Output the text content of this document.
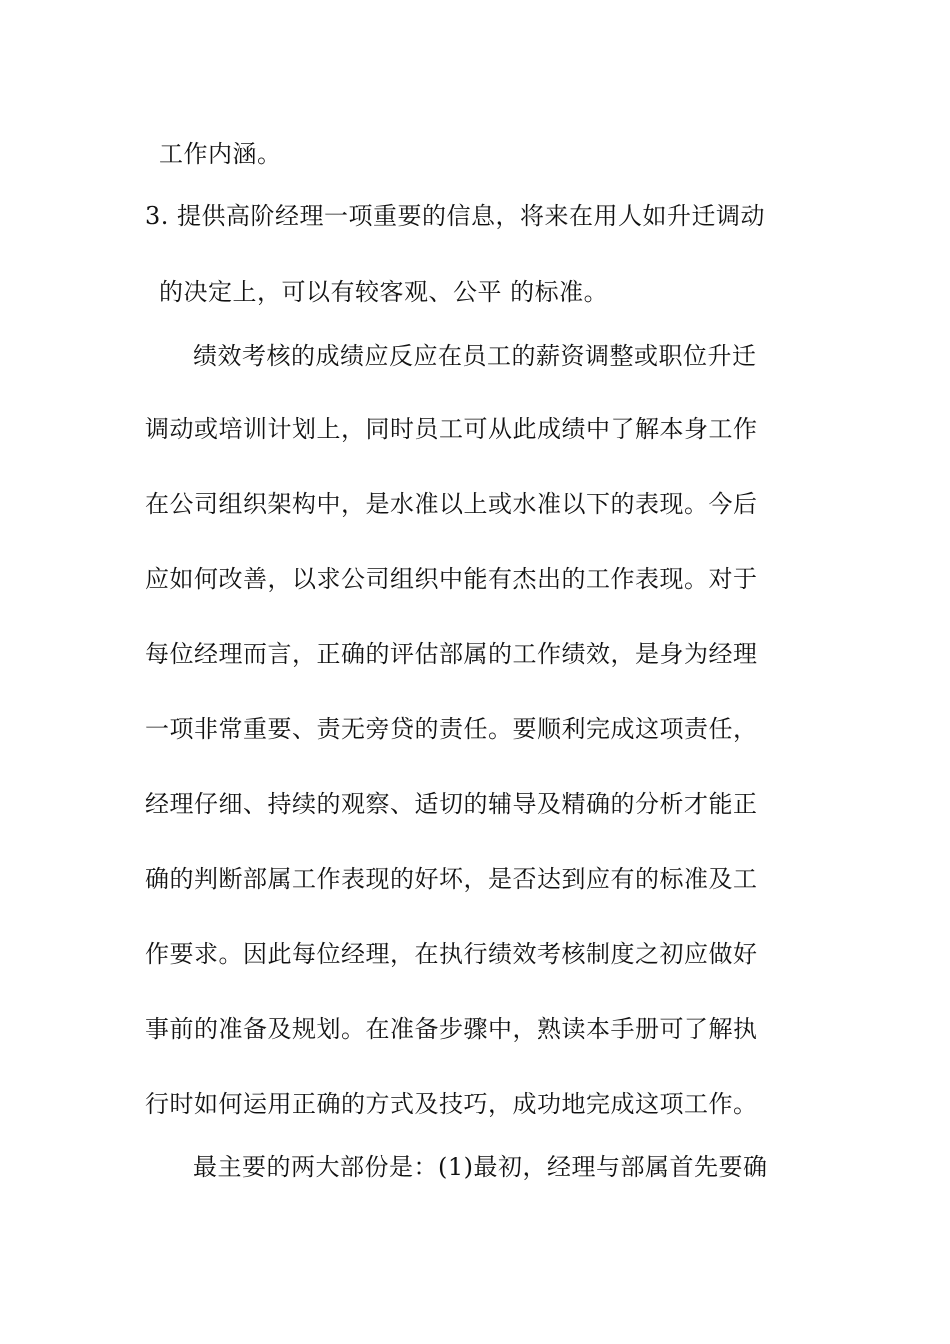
工作内涵。
3. 提供高阶经理一项重要的信息，将来在用人如升迁调动
的决定上，可以有较客观、公平 的标准。
绩效考核的成绩应反应在员工的薪资调整或职位升迁
调动或培训计划上，同时员工可从此成绩中了解本身工作
在公司组织架构中，是水准以上或水准以下的表现。今后
应如何改善，以求公司组织中能有杰出的工作表现。对于
每位经理而言，正确的评估部属的工作绩效，是身为经理
一项非常重要、责无旁贷的责任。要顺利完成这项责任，
经理仔细、持续的观察、适切的辅导及精确的分析才能正
确的判断部属工作表现的好坏，是否达到应有的标准及工
作要求。因此每位经理，在执行绩效考核制度之初应做好
事前的准备及规划。在准备步骤中，熟读本手册可了解执
行时如何运用正确的方式及技巧，成功地完成这项工作。
最主要的两大部份是：(1)最初，经理与部属首先要确
